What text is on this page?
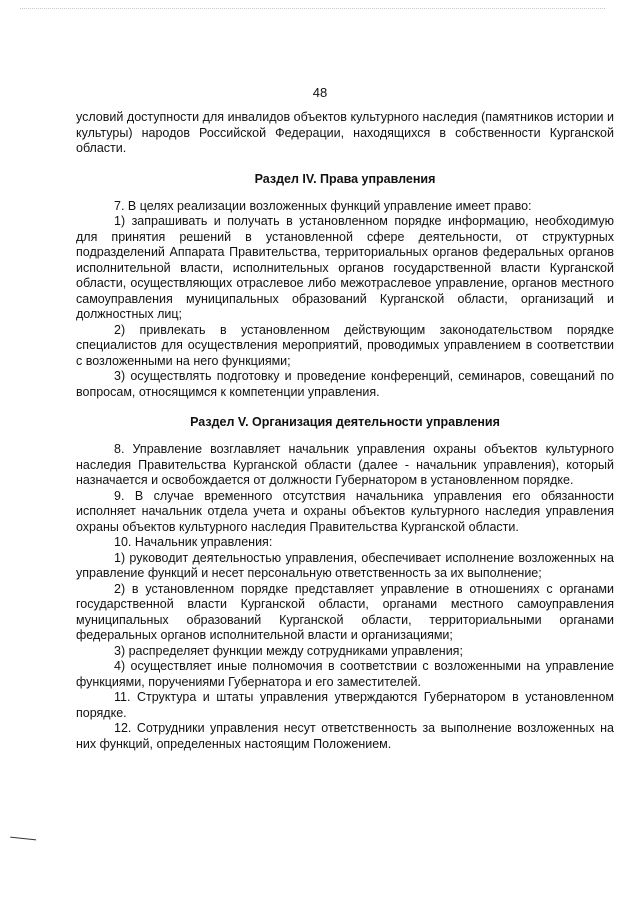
48

условий доступности для инвалидов объектов культурного наследия (памятников истории и культуры) народов Российской Федерации, находящихся в собственности Курганской области.

Раздел IV. Права управления

7. В целях реализации возложенных функций управление имеет право:

1) запрашивать и получать в установленном порядке информацию, необходимую для принятия решений в установленной сфере деятельности, от структурных подразделений Аппарата Правительства, территориальных органов федеральных органов исполнительной власти, исполнительных органов государственной власти Курганской области, осуществляющих отраслевое либо межотраслевое управление, органов местного самоуправления муниципальных образований Курганской области, организаций и должностных лиц;

2) привлекать в установленном действующим законодательством порядке специалистов для осуществления мероприятий, проводимых управлением в соответствии с возложенными на него функциями;

3) осуществлять подготовку и проведение конференций, семинаров, совещаний по вопросам, относящимся к компетенции управления.

Раздел V. Организация деятельности управления

8. Управление возглавляет начальник управления охраны объектов культурного наследия Правительства Курганской области (далее - начальник управления), который назначается и освобождается от должности Губернатором в установленном порядке.

9. В случае временного отсутствия начальника управления его обязанности исполняет начальник отдела учета и охраны объектов культурного наследия управления охраны объектов культурного наследия Правительства Курганской области.

10. Начальник управления:

1) руководит деятельностью управления, обеспечивает исполнение возложенных на управление функций и несет персональную ответственность за их выполнение;

2) в установленном порядке представляет управление в отношениях с органами государственной власти Курганской области, органами местного самоуправления муниципальных образований Курганской области, территориальными органами федеральных органов исполнительной власти и организациями;

3) распределяет функции между сотрудниками управления;

4) осуществляет иные полномочия в соответствии с возложенными на управление функциями, поручениями Губернатора и его заместителей.

11. Структура и штаты управления утверждаются Губернатором в установленном порядке.

12. Сотрудники управления несут ответственность за выполнение возложенных на них функций, определенных настоящим Положением.
